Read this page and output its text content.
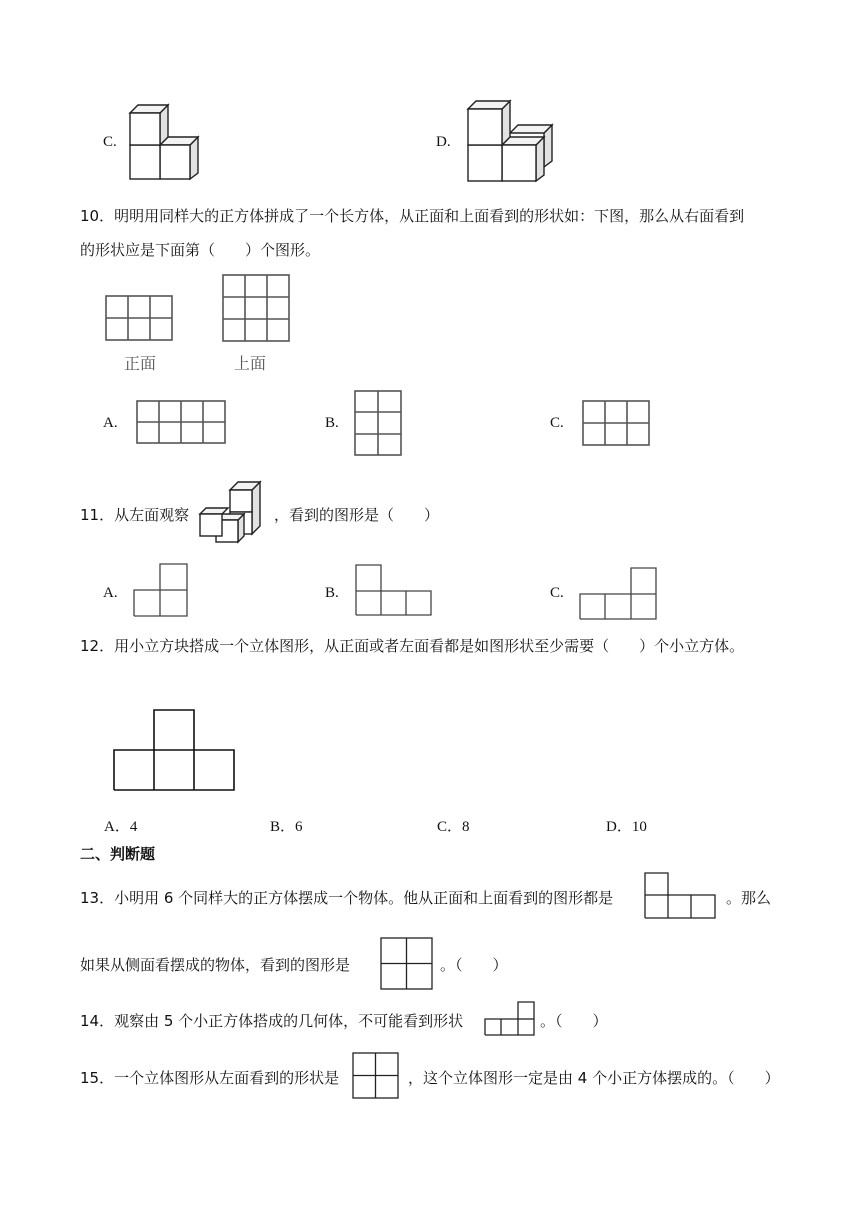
C.	D.
10．明明用同样大的正方体拼成了一个长方体，从正面和上面看到的形状如：下图，那么从右面看到
的形状应是下面第（　　）个图形。
正面	上面
A.	B.	C.
11．从左面观察	，看到的图形是（　　）
A.	B.	C.
12．用小立方块搭成一个立体图形，从正面或者左面看都是如图形状至少需要（　　）个小立方体。
A．4	B．6	C．8	D．10
二、判断题
13．小明用 6 个同样大的正方体摆成一个物体。他从正面和上面看到的图形都是	。那么
如果从侧面看摆成的物体，看到的图形是	。（　　）
14．观察由 5 个小正方体搭成的几何体，不可能看到形状	。（　　）
15．一个立体图形从左面看到的形状是	，这个立体图形一定是由 4 个小正方体摆成的。（　　）
